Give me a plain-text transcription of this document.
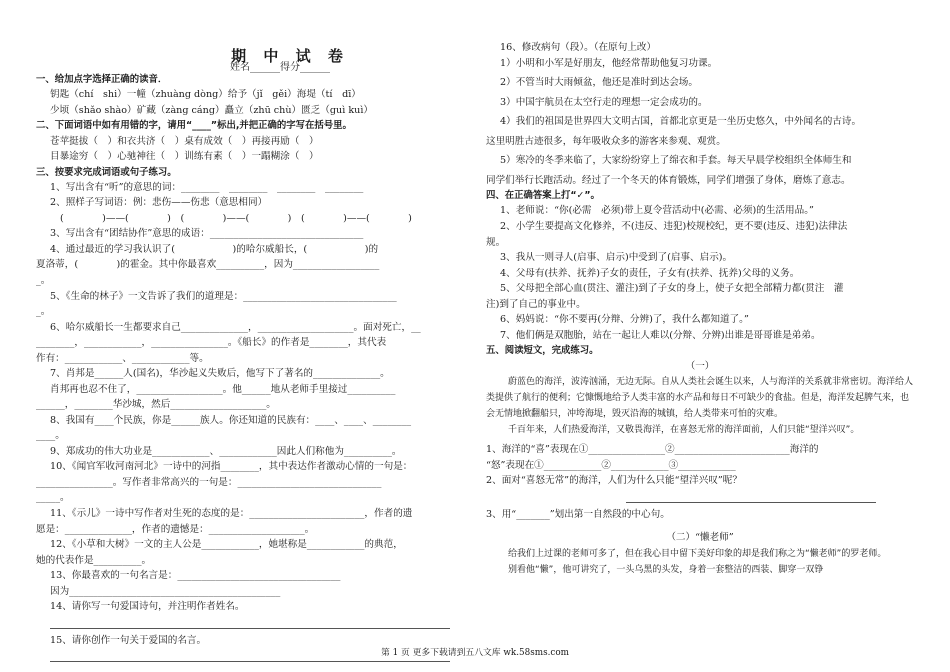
期 中 试 卷
姓名______得分______
一、给加点字选择正确的读音．
钥匙（chí　shi）一幢（zhuàng dòng）给予（jǐ　gěi）海堤（tí　dī）
少顷（shǎo shào）矿藏（zàng cáng）矗立（zhū chù）匮乏（guì kuì）
二、下面词语中如有用错的字，请用“____”标出,并把正确的字写在括号里。
苍苹挺拔（　）和衣共济（　）桌有成效（　）再接再励（　）
目暴途穷（　）心驰神往（　）训练有素（　）一蹋糊涂（　）
三、按要求完成词语或句子练习。
1、写出含有“听”的意思的词：________　________　________　________
2、照样子写词语：例：悲伤——伤悲（意思相同）
(　　　　)——(　　　　)　(　　　　)——(　　　　)　(　　　　)——(　　　　)
3、写出含有“团结协作”意思的成语：________________________________
4、通过最近的学习我认识了(　　　　　　)的哈尔威船长，(　　　　　　)的
夏洛蒂，(　　　　)的霍金。其中你最喜欢__________，因为__________________
_。
5、《生命的林子》一文告诉了我们的道理是：________________________________
_。
6、哈尔威船长一生都要求自己______________，____________________。面对死亡，__
________，____________，________________。《船长》的作者是________，其代表
作有：____________、____________等。
7、肖邦是______人(国名)，华沙起义失败后，他写下了著名的______________。
肖邦再也忍不住了，__________________。他______地从老师手里接过__________
______，________华沙城，然后____________________。
8、我国有____个民族，你是______族人。你还知道的民族有：____、____、________
____。
9、郑成功的伟大功业是____________、____________因此人们称他为__________。
10、《闻官军收河南河北》一诗中的河指________，其中表达作者激动心情的一句是：
________________。写作者非常高兴的一句是：______________________________
_____。
11、《示儿》一诗中写作者对生死的态度的是：________________________，作者的遗
愿是：______________，作者的遗憾是：____________________。
12、《小草和大树》一文的主人公是____________，她堪称是____________的典范，
她的代表作是__________。
13、你最喜欢的一句名言是：__________________________________
因为____________________________________________
14、请你写一句爱国诗句，并注明作者姓名。
15、请你创作一句关于爱国的名言。
16、修改病句（段）。（在原句上改）
1）小明和小军是好朋友，他经常帮助他复习功课。
2）不管当时大雨倾盆，他还是准时到达会场。
3）中国宇航员在太空行走的理想一定会成功的。
4）我们的祖国是世界四大文明古国，首都北京更是一坐历史悠久，中外闻名的古诗。
这里明胜古迹很多，每年吸收众多的游客来参观、观赏。
5）寒冷的冬季来临了，大家纷纷穿上了绵衣和手套。每天早晨学校组织全体师生和
同学们举行长跑活动。经过了一个冬天的体育锻炼，同学们增强了身体，磨炼了意志。
四、在正确答案上打“✓”。
1、老师说：“你(必需　必须)带上夏令营活动中(必需、必须)的生活用品。”
2、小学生要提高文化修养，不(违反、违犯)校规校纪，更不要(违反、违犯)法律法
规。
3、我从一则寻人(启事、启示)中受到了(启事、启示)。
4、父母有(扶养、抚养)子女的责任，子女有(扶养、抚养)父母的义务。
5、父母把全部心血(贯注、灌注)到了子女的身上，使子女把全部精力都(贯注　灌
注)到了自己的事业中。
6、妈妈说：“你不要再(分辩、分辨)了，我什么都知道了。”
7、他们俩是双胞胎，站在一起让人难以(分辩、分辨)出谁是哥哥谁是弟弟。
五、阅读短文，完成练习。
（一）
蔚蓝色的海洋，波涛汹涌，无边无际。自从人类社会诞生以来，人与海洋的关系就非常密切。海洋给人类提供了航行的便利；它慷慨地给予人类丰富的水产品和每日不可缺少的食盐。但是，海洋发起脾气来，也会无情地掀翻船只，冲垮海堤，毁灭沿海的城镇，给人类带来可怕的灾难。
千百年来，人们热爱海洋，又敬畏海洋，在喜怒无常的海洋面前，人们只能“望洋兴叹”。
1、海洋的“喜”表现在①________________②________________________海洋的
“怒”表现在①____________②____________③____________
2、面对“喜怒无常”的海洋，人们为什么只能“望洋兴叹”呢？
3、用“_______”划出第一自然段的中心句。
（二）“懒老师”
给我们上过课的老师可多了，但在我心目中留下美好印象的却是我们称之为“懒老师”的罗老师。
别看他“懒”，他可讲究了，一头乌黑的头发，身着一套整洁的西装、脚穿一双铮
第 1 页 更多下载请到五八文库 wk.58sms.com
